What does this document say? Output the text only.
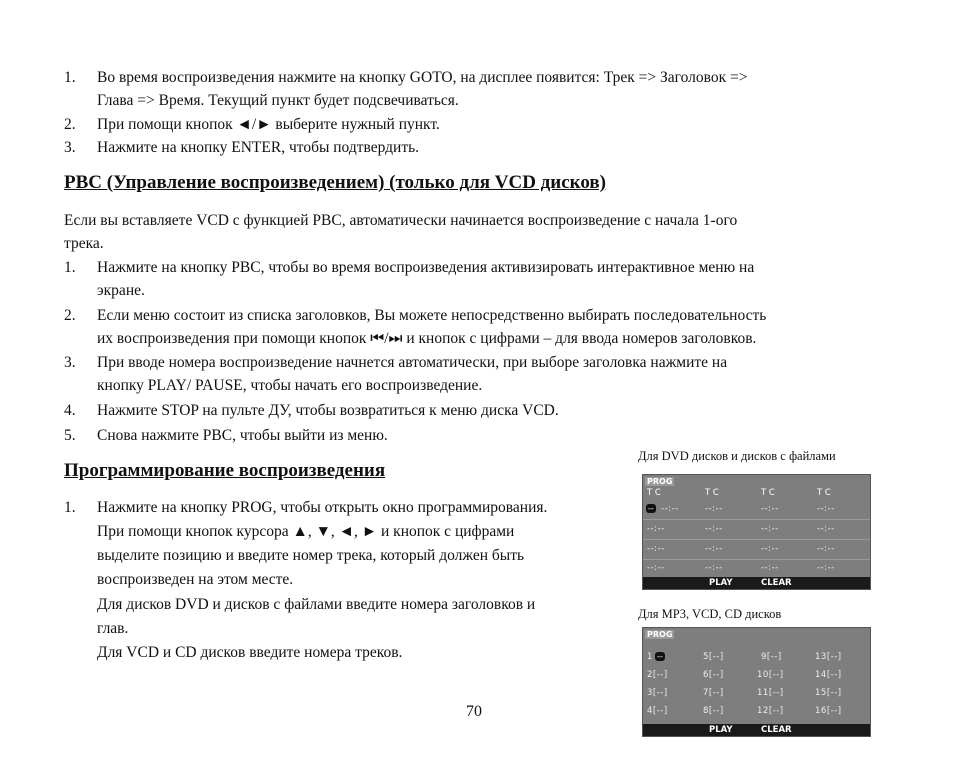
1. Во время воспроизведения нажмите на кнопку GOTO, на дисплее появится: Трек => Заголовок =>

Глава => Время. Текущий пункт будет подсвечиваться.

2. При помощи кнопок ◄/► выберите нужный пункт.

3. Нажмите на кнопку ENTER, чтобы подтвердить.

PBC (Управление воспроизведением) (только для VCD дисков)

Если вы вставляете VCD с функцией PBC, автоматически начинается воспроизведение с начала 1-ого

трека.

1. Нажмите на кнопку PBC, чтобы во время воспроизведения активизировать интерактивное меню на

экране.

2. Если меню состоит из списка заголовков, Вы можете непосредственно выбирать последовательность

их воспроизведения при помощи кнопок ⏮/⏭ и кнопок с цифрами – для ввода номеров заголовков.

3. При вводе номера воспроизведение начнется автоматически, при выборе заголовка нажмите на

кнопку PLAY/ PAUSE, чтобы начать его воспроизведение.

4. Нажмите STOP на пульте ДУ, чтобы возвратиться к меню диска VCD.

5. Снова нажмите PBC, чтобы выйти из меню.

Программирование воспроизведения
1. Нажмите на кнопку PROG, чтобы открыть окно программирования.

При помощи кнопок курсора ▲, ▼, ◄, ► и кнопок с цифрами

выделите позицию и введите номер трека, который должен быть

воспроизведен на этом месте.

Для дисков DVD и дисков с файлами введите номера заголовков и

глав.

Для VCD и CD дисков введите номера треков.

Для DVD дисков и дисков с файлами
PROG
T C	T C	T C	T C
-- --:--	--:--	--:--	--:--
--:--	--:--	--:--	--:--
--:--	--:--	--:--	--:--
--:--	--:--	--:--	--:--
PLAY	CLEAR
Для MP3, VCD, CD дисков
PROG
1 --	5[--]	9[--]	13[--]
2[--]	6[--]	10[--]	14[--]
3[--]	7[--]	11[--]	15[--]
4[--]	8[--]	12[--]	16[--]
PLAY	CLEAR
70
